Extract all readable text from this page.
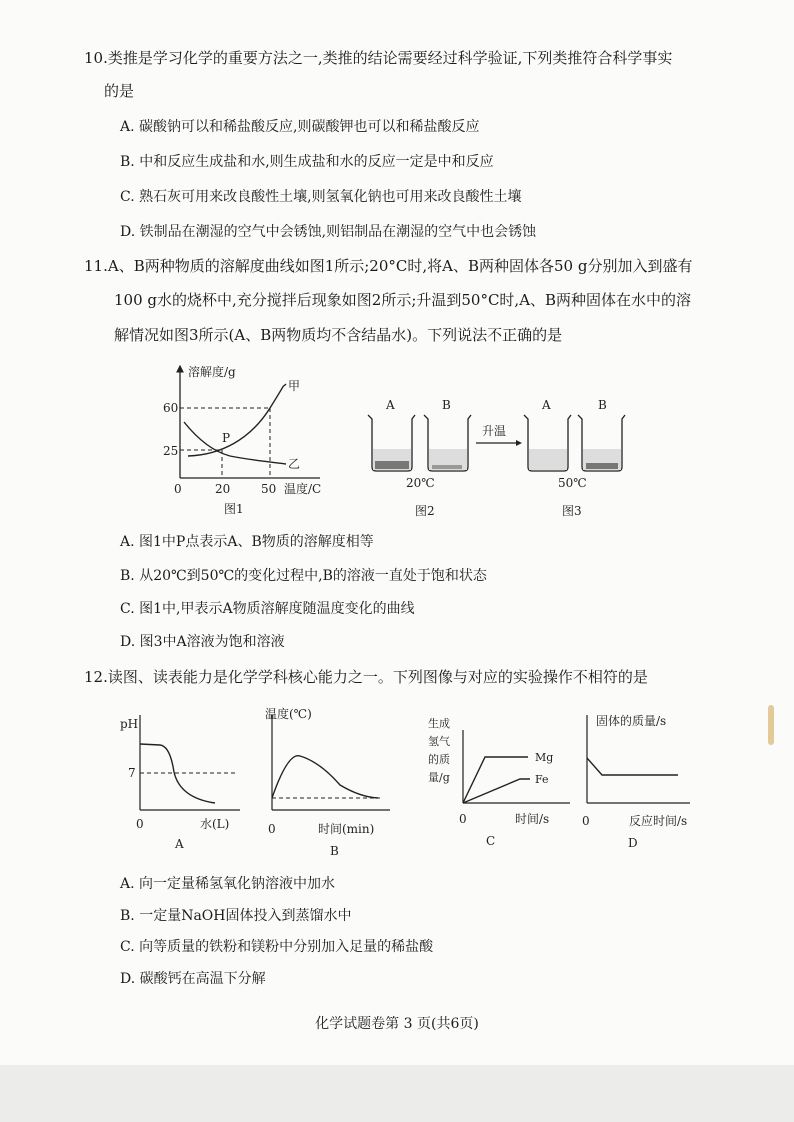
10.类推是学习化学的重要方法之一,类推的结论需要经过科学验证,下列类推符合科学事实
的是
A. 碳酸钠可以和稀盐酸反应,则碳酸钾也可以和稀盐酸反应
B. 中和反应生成盐和水,则生成盐和水的反应一定是中和反应
C. 熟石灰可用来改良酸性土壤,则氢氧化钠也可用来改良酸性土壤
D. 铁制品在潮湿的空气中会锈蚀,则铝制品在潮湿的空气中也会锈蚀
11.A、B两种物质的溶解度曲线如图1所示;20°C时,将A、B两种固体各50 g分别加入到盛有
100 g水的烧杯中,充分搅拌后现象如图2所示;升温到50°C时,A、B两种固体在水中的溶
解情况如图3所示(A、B两物质均不含结晶水)。下列说法不正确的是
溶解度/g
60
25
0	20	50 温度/C
P
甲
乙
图1
A	B
20℃
图2
升温
A	B
50℃
图3
A. 图1中P点表示A、B物质的溶解度相等
B. 从20℃到50℃的变化过程中,B的溶液一直处于饱和状态
C. 图1中,甲表示A物质溶解度随温度变化的曲线
D. 图3中A溶液为饱和溶液
12.读图、读表能力是化学学科核心能力之一。下列图像与对应的实验操作不相符的是
pH
7
0	水(L)
A
温度(℃)
0	时间(min)
B
生成
氢气
的质
量/g
Mg
Fe
0	时间/s
C
固体的质量/s
0	反应时间/s
D
A. 向一定量稀氢氧化钠溶液中加水
B. 一定量NaOH固体投入到蒸馏水中
C. 向等质量的铁粉和镁粉中分别加入足量的稀盐酸
D. 碳酸钙在高温下分解
化学试题卷第 3 页(共6页)
